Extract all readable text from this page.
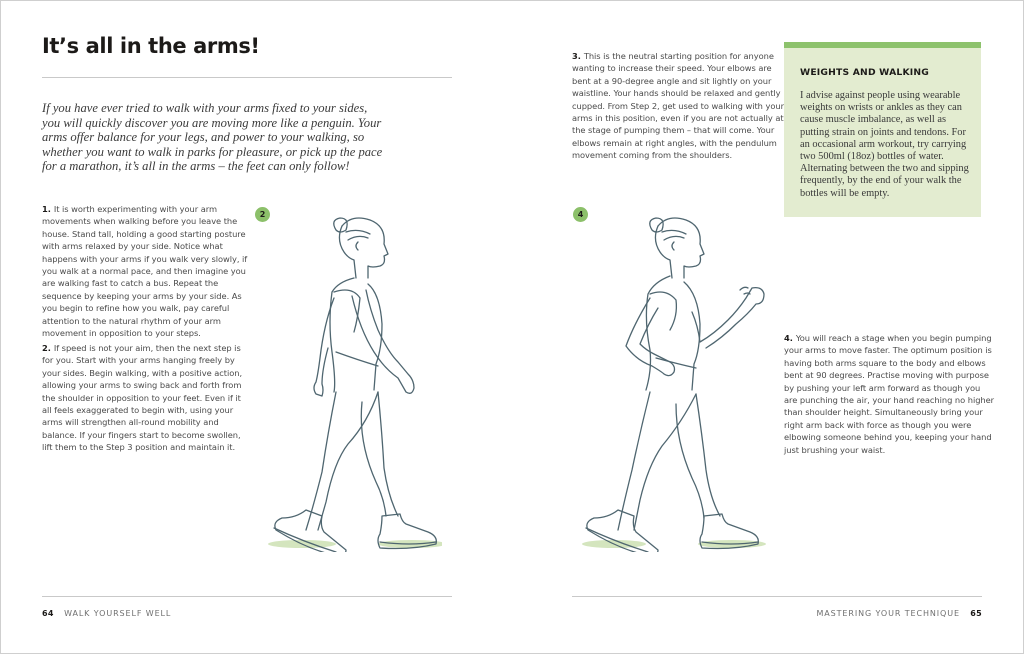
It’s all in the arms!

If you have ever tried to walk with your arms fixed to your sides, you will quickly discover you are moving more like a penguin. Your arms offer balance for your legs, and power to your walking, so whether you want to walk in parks for pleasure, or pick up the pace for a marathon, it’s all in the arms – the feet can only follow!

1. It is worth experimenting with your arm movements when walking before you leave the house. Stand tall, holding a good starting posture with arms relaxed by your side. Notice what happens with your arms if you walk very slowly, if you walk at a normal pace, and then imagine you are walking fast to catch a bus. Repeat the sequence by keeping your arms by your side. As you begin to refine how you walk, pay careful attention to the natural rhythm of your arm movement in opposition to your steps.

2. If speed is not your aim, then the next step is for you. Start with your arms hanging freely by your sides. Begin walking, with a positive action, allowing your arms to swing back and forth from the shoulder in opposition to your feet. Even if it all feels exaggerated to begin with, using your arms will strengthen all-round mobility and balance. If your fingers start to become swollen, lift them to the Step 3 position and maintain it.

2
64 WALK YOURSELF WELL

3. This is the neutral starting position for anyone wanting to increase their speed. Your elbows are bent at a 90-degree angle and sit lightly on your waistline. Your hands should be relaxed and gently cupped. From Step 2, get used to walking with your arms in this position, even if you are not actually at the stage of pumping them – that will come. Your elbows remain at right angles, with the pendulum movement coming from the shoulders.

WEIGHTS AND WALKING

I advise against people using wearable weights on wrists or ankles as they can cause muscle imbalance, as well as putting strain on joints and tendons. For an occasional arm workout, try carrying two 500ml (18oz) bottles of water. Alternating between the two and sipping frequently, by the end of your walk the bottles will be empty.

4

4. You will reach a stage when you begin pumping your arms to move faster. The optimum position is having both arms square to the body and elbows bent at 90 degrees. Practise moving with purpose by pushing your left arm forward as though you are punching the air, your hand reaching no higher than shoulder height. Simultaneously bring your right arm back with force as though you were elbowing someone behind you, keeping your hand just brushing your waist.

MASTERING YOUR TECHNIQUE 65
